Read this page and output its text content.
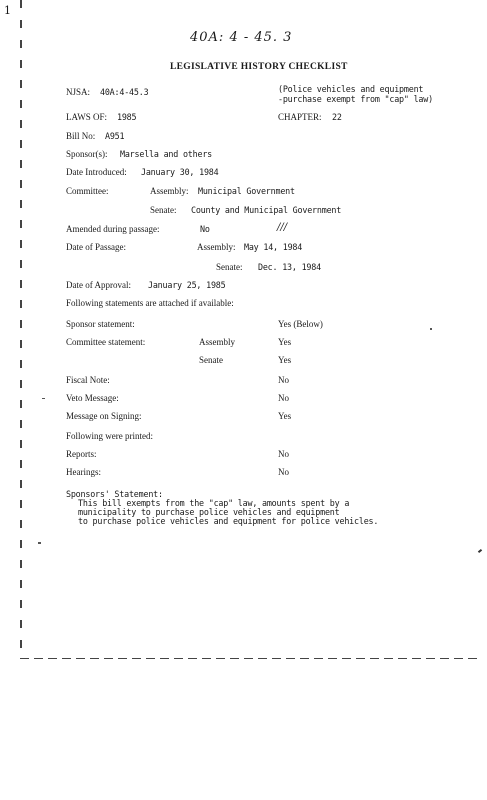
1
40A: 4 - 45. 3
LEGISLATIVE HISTORY CHECKLIST
NJSA: 40A:4-45.3	(Police vehicles and equipment
-purchase exempt from "cap" law)
LAWS OF: 1985	CHAPTER: 22
Bill No: A951
Sponsor(s): Marsella and others
Date Introduced: January 30, 1984
Committee:	Assembly: Municipal Government
Senate: County and Municipal Government
Amended during passage:	No	///
Date of Passage:	Assembly: May 14, 1984
Senate: Dec. 13, 1984
Date of Approval: January 25, 1985
Following statements are attached if available:
Sponsor statement:	Yes (Below)
Committee statement:	Assembly	Yes
Senate	Yes
Fiscal Note:	No
Veto Message:	No
Message on Signing:	Yes
Following were printed:
Reports:	No
Hearings:	No
Sponsors' Statement:
This bill exempts from the "cap" law, amounts spent by a
municipality to purchase police vehicles and equipment
to purchase police vehicles and equipment for police vehicles.
